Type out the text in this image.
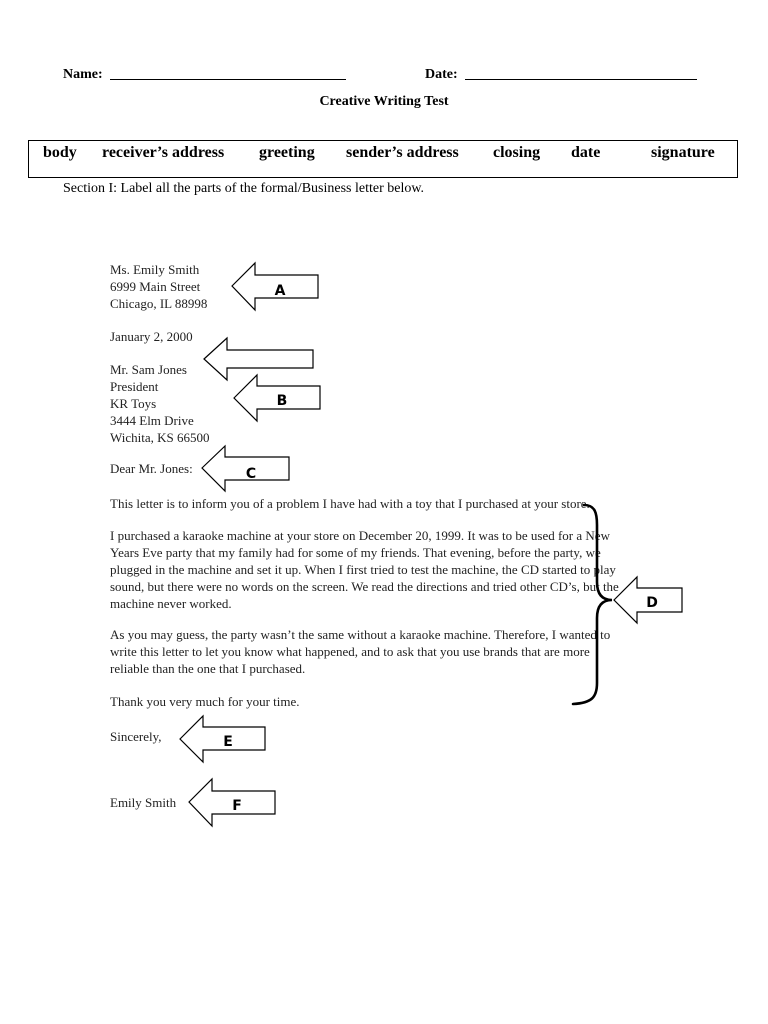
Name:	Date:
Creative Writing Test
body receiver’s address greeting sender’s address closing date	signature
Section I: Label all the parts of the formal/Business letter below.
Ms. Emily Smith
6999 Main Street
Chicago, IL 88998
January 2, 2000
Mr. Sam Jones
President
KR Toys
3444 Elm Drive
Wichita, KS 66500
Dear Mr. Jones:
This letter is to inform you of a problem I have had with a toy that I purchased at your store.
I purchased a karaoke machine at your store on December 20, 1999. It was to be used for a New Years Eve party that my family had for some of my friends. That evening, before the party, we plugged in the machine and set it up. When I first tried to test the machine, the CD started to play sound, but there were no words on the screen. We read the directions and tried other CD’s, but the machine never worked.
As you may guess, the party wasn’t the same without a karaoke machine. Therefore, I wanted to write this letter to let you know what happened, and to ask that you use brands that are more reliable than the one that I purchased.
Thank you very much for your time.
Sincerely,
Emily Smith
A
B
C
D
E
F
